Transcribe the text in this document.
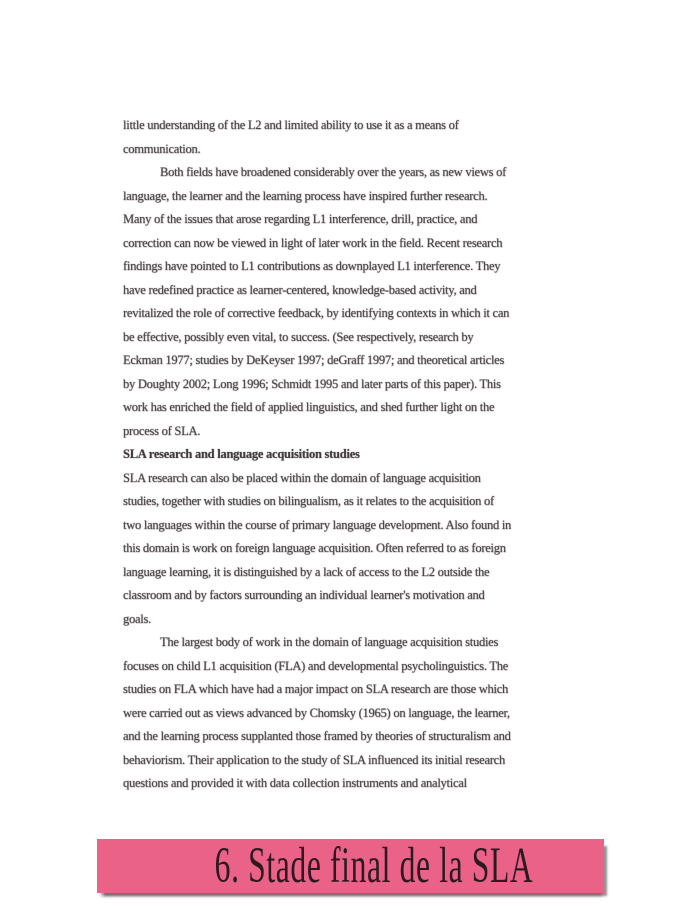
little understanding of the L2 and limited ability to use it as a means of
communication.
Both fields have broadened considerably over the years, as new views of
language, the learner and the learning process have inspired further research.
Many of the issues that arose regarding L1 interference, drill, practice, and
correction can now be viewed in light of later work in the field. Recent research
findings have pointed to L1 contributions as downplayed L1 interference. They
have redefined practice as learner-centered, knowledge-based activity, and
revitalized the role of corrective feedback, by identifying contexts in which it can
be effective, possibly even vital, to success. (See respectively, research by
Eckman 1977; studies by DeKeyser 1997; deGraff 1997; and theoretical articles
by Doughty 2002; Long 1996; Schmidt 1995 and later parts of this paper). This
work has enriched the field of applied linguistics, and shed further light on the
process of SLA.
SLA research and language acquisition studies
SLA research can also be placed within the domain of language acquisition
studies, together with studies on bilingualism, as it relates to the acquisition of
two languages within the course of primary language development. Also found in
this domain is work on foreign language acquisition. Often referred to as foreign
language learning, it is distinguished by a lack of access to the L2 outside the
classroom and by factors surrounding an individual learner's motivation and
goals.
The largest body of work in the domain of language acquisition studies
focuses on child L1 acquisition (FLA) and developmental psycholinguistics. The
studies on FLA which have had a major impact on SLA research are those which
were carried out as views advanced by Chomsky (1965) on language, the learner,
and the learning process supplanted those framed by theories of structuralism and
behaviorism. Their application to the study of SLA influenced its initial research
questions and provided it with data collection instruments and analytical
6. Stade final de la SLA
